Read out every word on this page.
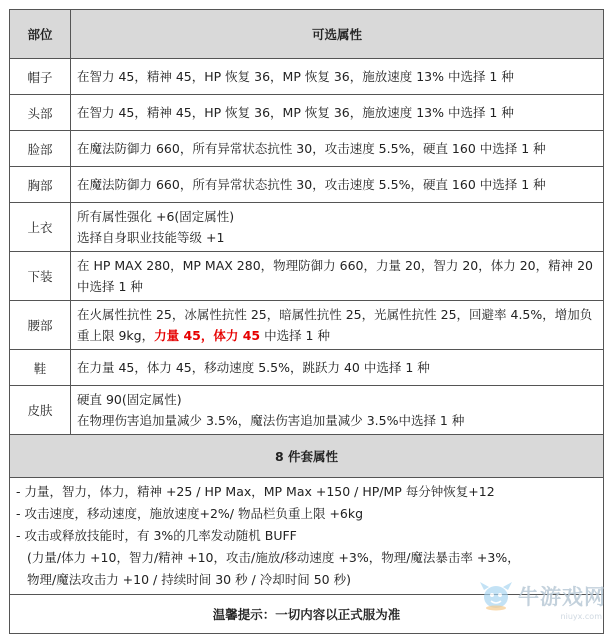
部位	可选属性
帽子	在智力 45，精神 45，HP 恢复 36，MP 恢复 36，施放速度 13% 中选择 1 种
头部	在智力 45，精神 45，HP 恢复 36，MP 恢复 36，施放速度 13% 中选择 1 种
脸部	在魔法防御力 660，所有异常状态抗性 30，攻击速度 5.5%，硬直 160 中选择 1 种
胸部	在魔法防御力 660，所有异常状态抗性 30，攻击速度 5.5%，硬直 160 中选择 1 种
上衣	所有属性强化 +6(固定属性)
选择自身职业技能等级 +1

下装	在 HP MAX 280，MP MAX 280，物理防御力 660，力量 20，智力 20，体力 20，精神 20 中选择 1 种
腰部	在火属性抗性 25，冰属性抗性 25，暗属性抗性 25，光属性抗性 25，回避率 4.5%，增加负重上限 9kg，力量 45，体力 45 中选择 1 种
鞋	在力量 45，体力 45，移动速度 5.5%，跳跃力 40 中选择 1 种
皮肤	硬直 90(固定属性)
在物理伤害追加量减少 3.5%，魔法伤害追加量减少 3.5%中选择 1 种

8 件套属性	

- 力量，智力，体力，精神 +25 / HP Max，MP Max +150 / HP/MP 每分钟恢复+12
- 攻击速度，移动速度，施放速度+2%/ 物品栏负重上限 +6kg
- 攻击或释放技能时，有 3%的几率发动随机 BUFF
(力量/体力 +10，智力/精神 +10，攻击/施放/移动速度 +3%，物理/魔法暴击率 +3%，
物理/魔法攻击力 +10 / 持续时间 30 秒 / 冷却时间 50 秒)	

温馨提示：一切内容以正式服为准	
牛游戏网
niuyx.com
